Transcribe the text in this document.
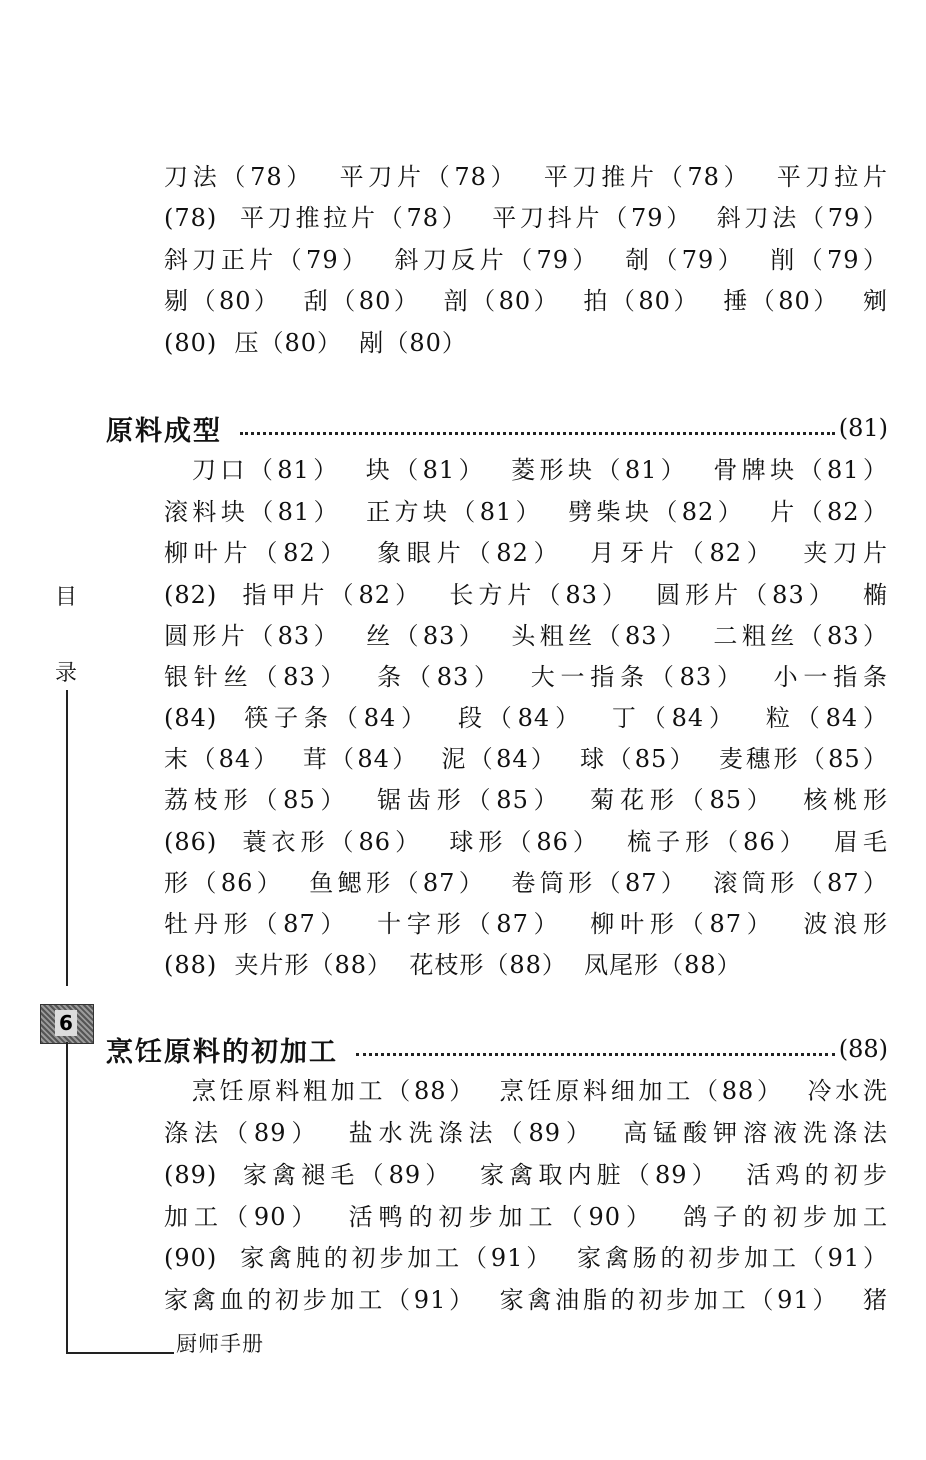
刀法（78）  平刀片（78）  平刀推片（78）  平刀拉片
(78)  平刀推拉片（78）  平刀抖片（79）  斜刀法（79）
斜刀正片（79）  斜刀反片（79）  剞（79）  削（79）
剔（80）  刮（80）  剖（80）  拍（80）  捶（80）  剜
(80)  压（80）  剐（80）
原料成型	(81)
刀口（81）  块（81）  菱形块（81）  骨牌块（81）
滚料块（81）  正方块（81）  劈柴块（82）  片（82）
柳叶片（82）  象眼片（82）  月牙片（82）  夹刀片
(82)  指甲片（82）  长方片（83）  圆形片（83）  椭
圆形片（83）  丝（83）  头粗丝（83）  二粗丝（83）
银针丝（83）  条（83）  大一指条（83）  小一指条
(84)  筷子条（84）  段（84）  丁（84）  粒（84）
末（84）  茸（84）  泥（84）  球（85）  麦穗形（85）
荔枝形（85）  锯齿形（85）  菊花形（85）  核桃形
(86)  蓑衣形（86）  球形（86）  梳子形（86）  眉毛
形（86）  鱼鳃形（87）  卷筒形（87）  滚筒形（87）
牡丹形（87）  十字形（87）  柳叶形（87）  波浪形
(88)  夹片形（88）  花枝形（88）  凤尾形（88）
烹饪原料的初加工	(88)
烹饪原料粗加工（88）  烹饪原料细加工（88）  冷水洗
涤法（89）  盐水洗涤法（89）  高锰酸钾溶液洗涤法
(89)  家禽褪毛（89）  家禽取内脏（89）  活鸡的初步
加工（90）  活鸭的初步加工（90）  鸽子的初步加工
(90)  家禽肫的初步加工（91）  家禽肠的初步加工（91）
家禽血的初步加工（91）  家禽油脂的初步加工（91）  猪
目
录
6
厨师手册
